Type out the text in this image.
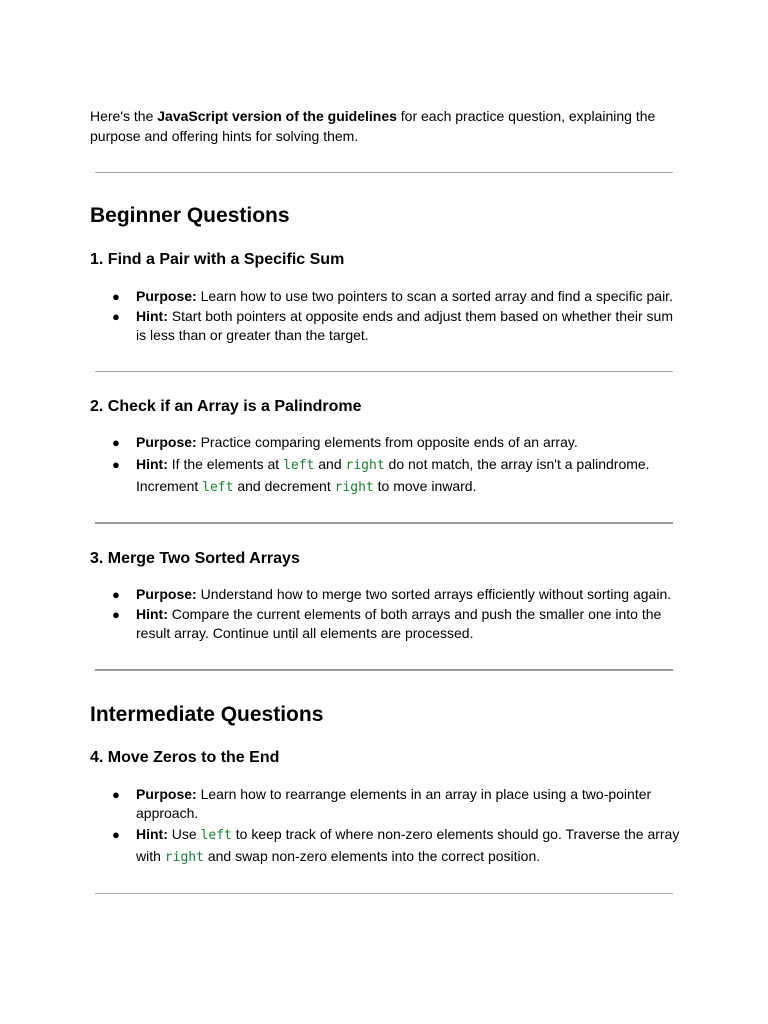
Here's the JavaScript version of the guidelines for each practice question, explaining the purpose and offering hints for solving them.

Beginner Questions
1. Find a Pair with a Specific Sum
● Purpose: Learn how to use two pointers to scan a sorted array and find a specific pair.
● Hint: Start both pointers at opposite ends and adjust them based on whether their sum is less than or greater than the target.
2. Check if an Array is a Palindrome
● Purpose: Practice comparing elements from opposite ends of an array.
● Hint: If the elements at left and right do not match, the array isn't a palindrome. Increment left and decrement right to move inward.
3. Merge Two Sorted Arrays
● Purpose: Understand how to merge two sorted arrays efficiently without sorting again.
● Hint: Compare the current elements of both arrays and push the smaller one into the result array. Continue until all elements are processed.
Intermediate Questions
4. Move Zeros to the End
● Purpose: Learn how to rearrange elements in an array in place using a two-pointer approach.
● Hint: Use left to keep track of where non-zero elements should go. Traverse the array with right and swap non-zero elements into the correct position.
